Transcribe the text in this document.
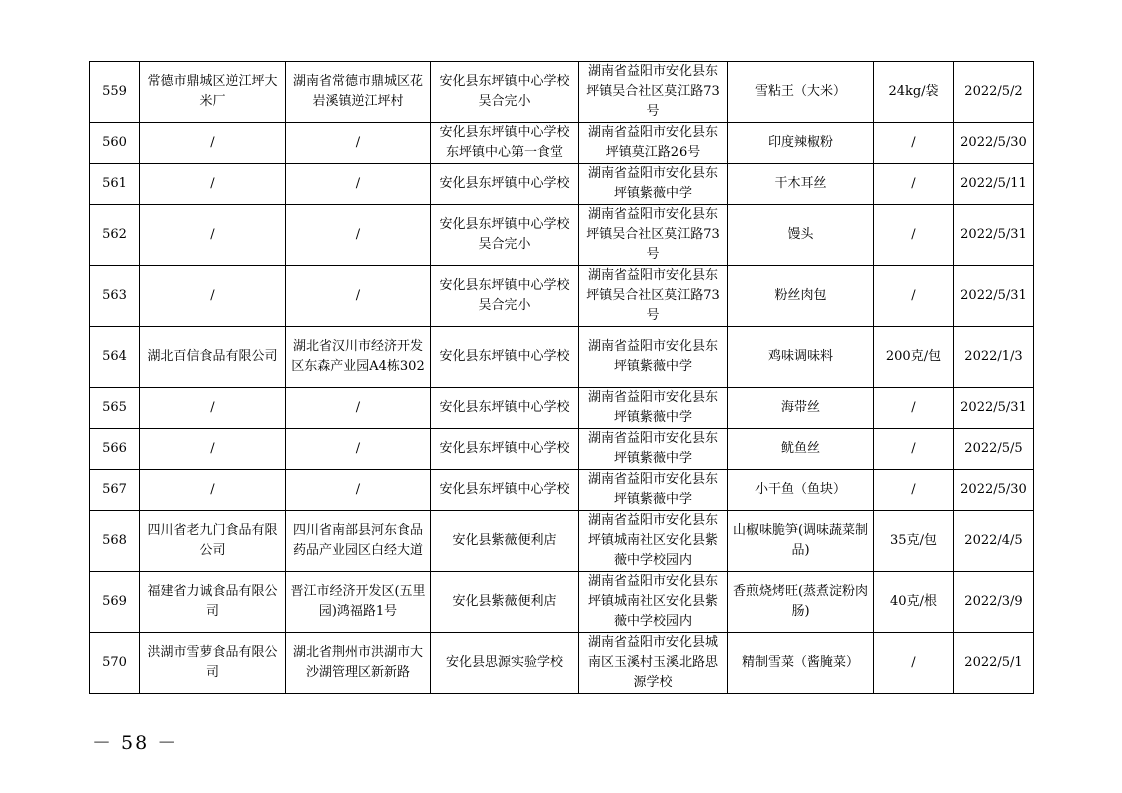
559	常德市鼎城区逆江坪大米厂	湖南省常德市鼎城区花岩溪镇逆江坪村	安化县东坪镇中心学校吴合完小	湖南省益阳市安化县东坪镇吴合社区莫江路73号	雪粘王（大米）	24kg/袋	2022/5/2
560	/	/	安化县东坪镇中心学校东坪镇中心第一食堂	湖南省益阳市安化县东坪镇莫江路26号	印度辣椒粉	/	2022/5/30
561	/	/	安化县东坪镇中心学校	湖南省益阳市安化县东坪镇紫薇中学	干木耳丝	/	2022/5/11
562	/	/	安化县东坪镇中心学校吴合完小	湖南省益阳市安化县东坪镇吴合社区莫江路73号	馒头	/	2022/5/31
563	/	/	安化县东坪镇中心学校吴合完小	湖南省益阳市安化县东坪镇吴合社区莫江路73号	粉丝肉包	/	2022/5/31
564	湖北百信食品有限公司	湖北省汉川市经济开发区东森产业园A4栋302	安化县东坪镇中心学校	湖南省益阳市安化县东坪镇紫薇中学	鸡味调味料	200克/包	2022/1/3
565	/	/	安化县东坪镇中心学校	湖南省益阳市安化县东坪镇紫薇中学	海带丝	/	2022/5/31
566	/	/	安化县东坪镇中心学校	湖南省益阳市安化县东坪镇紫薇中学	鱿鱼丝	/	2022/5/5
567	/	/	安化县东坪镇中心学校	湖南省益阳市安化县东坪镇紫薇中学	小干鱼（鱼块）	/	2022/5/30
568	四川省老九门食品有限公司	四川省南部县河东食品药品产业园区白经大道	安化县紫薇便利店	湖南省益阳市安化县东坪镇城南社区安化县紫薇中学校园内	山椒味脆笋(调味蔬菜制品)	35克/包	2022/4/5
569	福建省力诚食品有限公司	晋江市经济开发区(五里园)鸿福路1号	安化县紫薇便利店	湖南省益阳市安化县东坪镇城南社区安化县紫薇中学校园内	香煎烧烤旺(蒸煮淀粉肉肠)	40克/根	2022/3/9
570	洪湖市雪萝食品有限公司	湖北省荆州市洪湖市大沙湖管理区新新路	安化县思源实验学校	湖南省益阳市安化县城南区玉溪村玉溪北路思源学校	精制雪菜（酱腌菜）	/	2022/5/1
－ 58 －
